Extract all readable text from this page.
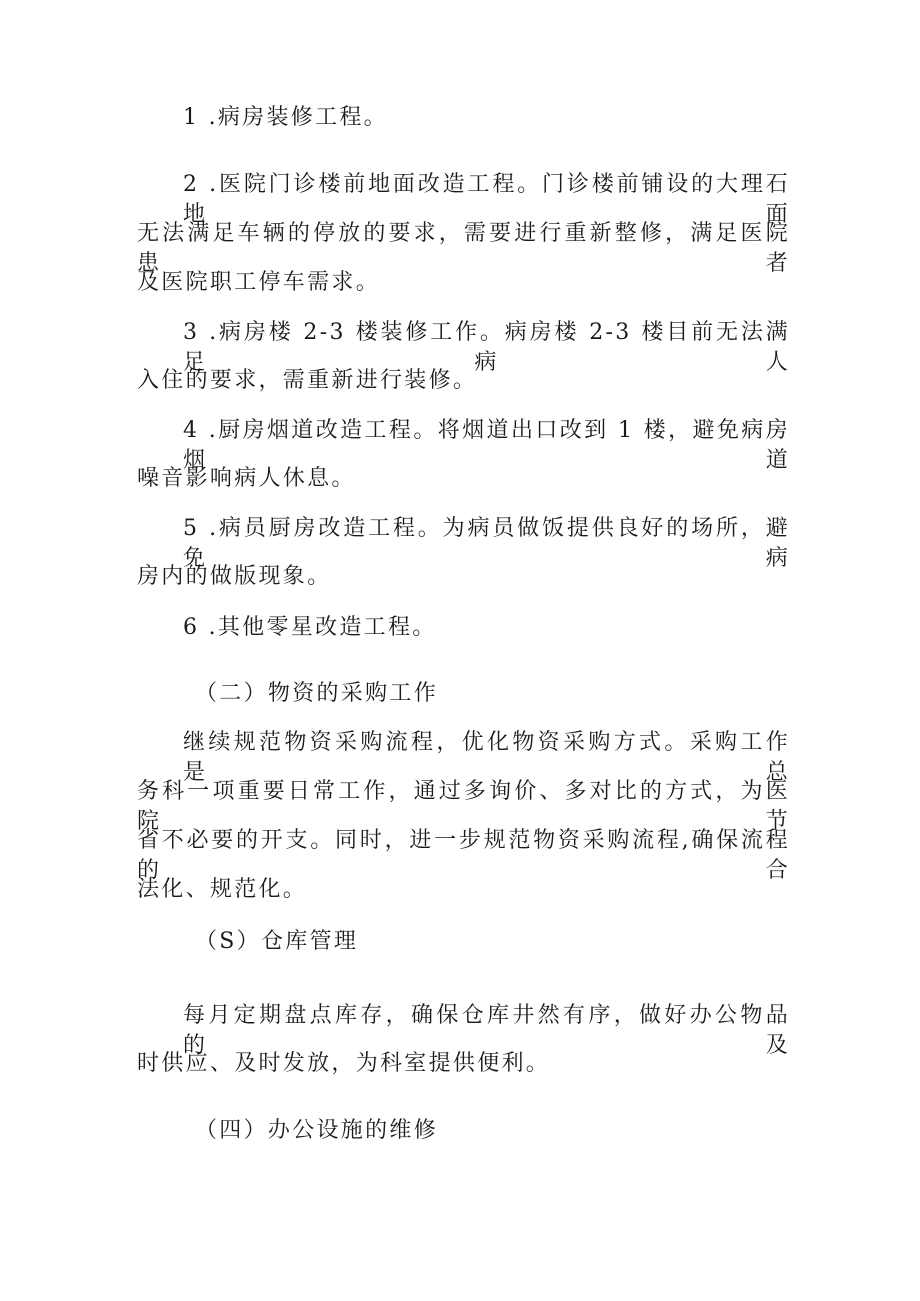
1 .病房装修工程。
2 .医院门诊楼前地面改造工程。门诊楼前铺设的大理石地面
无法满足车辆的停放的要求，需要进行重新整修，满足医院患者
及医院职工停车需求。
3 .病房楼 2-3 楼装修工作。病房楼 2-3 楼目前无法满足病人
入住的要求，需重新进行装修。
4 .厨房烟道改造工程。将烟道出口改到 1 楼，避免病房烟道
噪音影响病人休息。
5 .病员厨房改造工程。为病员做饭提供良好的场所，避免病
房内的做版现象。
6 .其他零星改造工程。
（二）物资的采购工作
继续规范物资采购流程，优化物资采购方式。采购工作是总
务科一项重要日常工作，通过多询价、多对比的方式，为医院节
省不必要的开支。同时，进一步规范物资采购流程,确保流程的合
法化、规范化。
（S）仓库管理
每月定期盘点库存，确保仓库井然有序，做好办公物品的及
时供应、及时发放，为科室提供便利。
（四）办公设施的维修
